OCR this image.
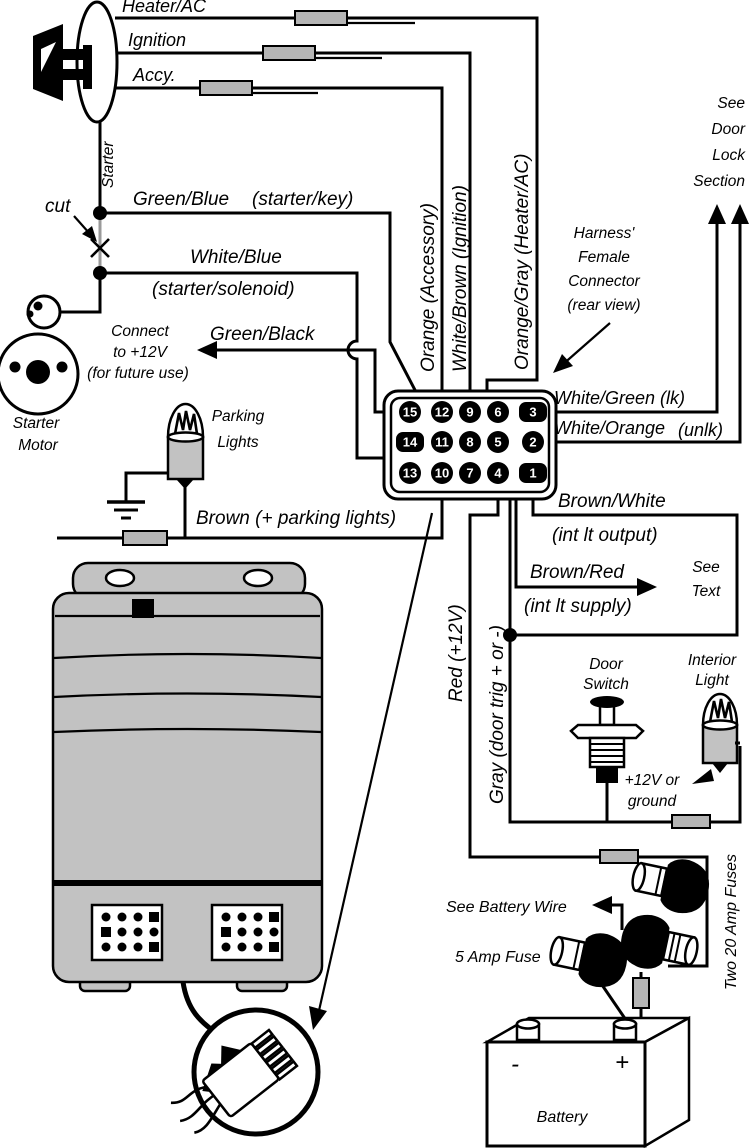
15 12 9 6 3
14 11 8 5 2
13 10 7 4 1
Heater/AC
Ignition
Accy.
Starter
cut	Green/Blue (starter/key)
White/Blue
(starter/solenoid)
Green/Black
Connect
to +12V
(for future use)
Starter
Motor
Parking
Lights
Brown (+ parking lights)
Orange (Accessory) White/Brown (Ignition) Orange/Gray (Heater/AC)	Harness'
Female
Connector
(rear view)
See
Door
Lock
Section
White/Green (lk)
White/Orange (unlk)
Brown/White
(int lt output)
Brown/Red
(int lt supply)
See
Text
Red (+12V) Gray (door trig + or -)	Door
Switch
Interior
Light
+12V or
ground
See Battery Wire
5 Amp Fuse	Two 20 Amp Fuses
-	+
Battery
